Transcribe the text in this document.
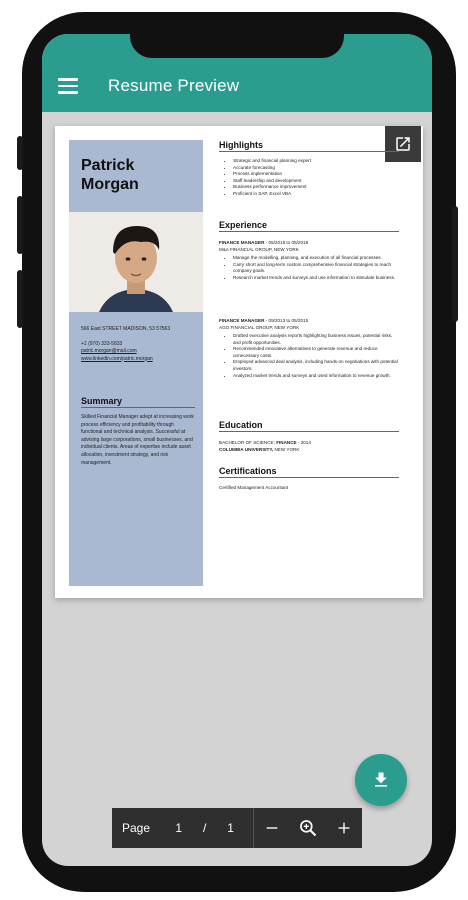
Resume Preview
Patrick
Morgan
566 East STREET MADISON, 53 57563
+1 (970) 333-5833
patric.morgan@mail.com
www.linkedin.com/patric.morgan
Summary
Skilled Financial Manager adept at increasing work process efficiency and profitability through functional and technical analysis. Successful at advising large corporations, small businesses, and individual clients. Areas of expertise include asset allocation, investment strategy, and risk management.
Highlights
• Strategic and financial planning expert
• Accurate forecasting
• Process implementation
• Staff leadership and development
• Business performance improvement
• Proficient in SAP, Excel VBA
Experience
FINANCE MANAGER - 05/2015 to 05/2019
M&A FINANCIAL GROUP, NEW YORK
• Manage the modelling, planning, and execution of all financial processes.
• Carry short and long-term custom comprehensive financial strategies to reach company goals.
• Research market trends and surveys and use information to stimulate business.
FINANCE MANAGER - 09/2013 to 05/2015
AGO FINANCIAL GROUP, NEW YORK
• Drafted executive analysis reports highlighting business issues, potential risks, and profit opportunities.
• Recommended innovative alternatives to generate revenue and reduce unnecessary costs.
• Employed advanced deal analysis, including hands-on negotiations with potential investors.
• Analyzed market trends and surveys and used information to revenue growth.
Education
BACHELOR OF SCIENCE: FINANCE - 2014
COLUMBIA UNIVERSITY, NEW YORK
Certifications
Certified Management Accountant
Page	1	/	1
